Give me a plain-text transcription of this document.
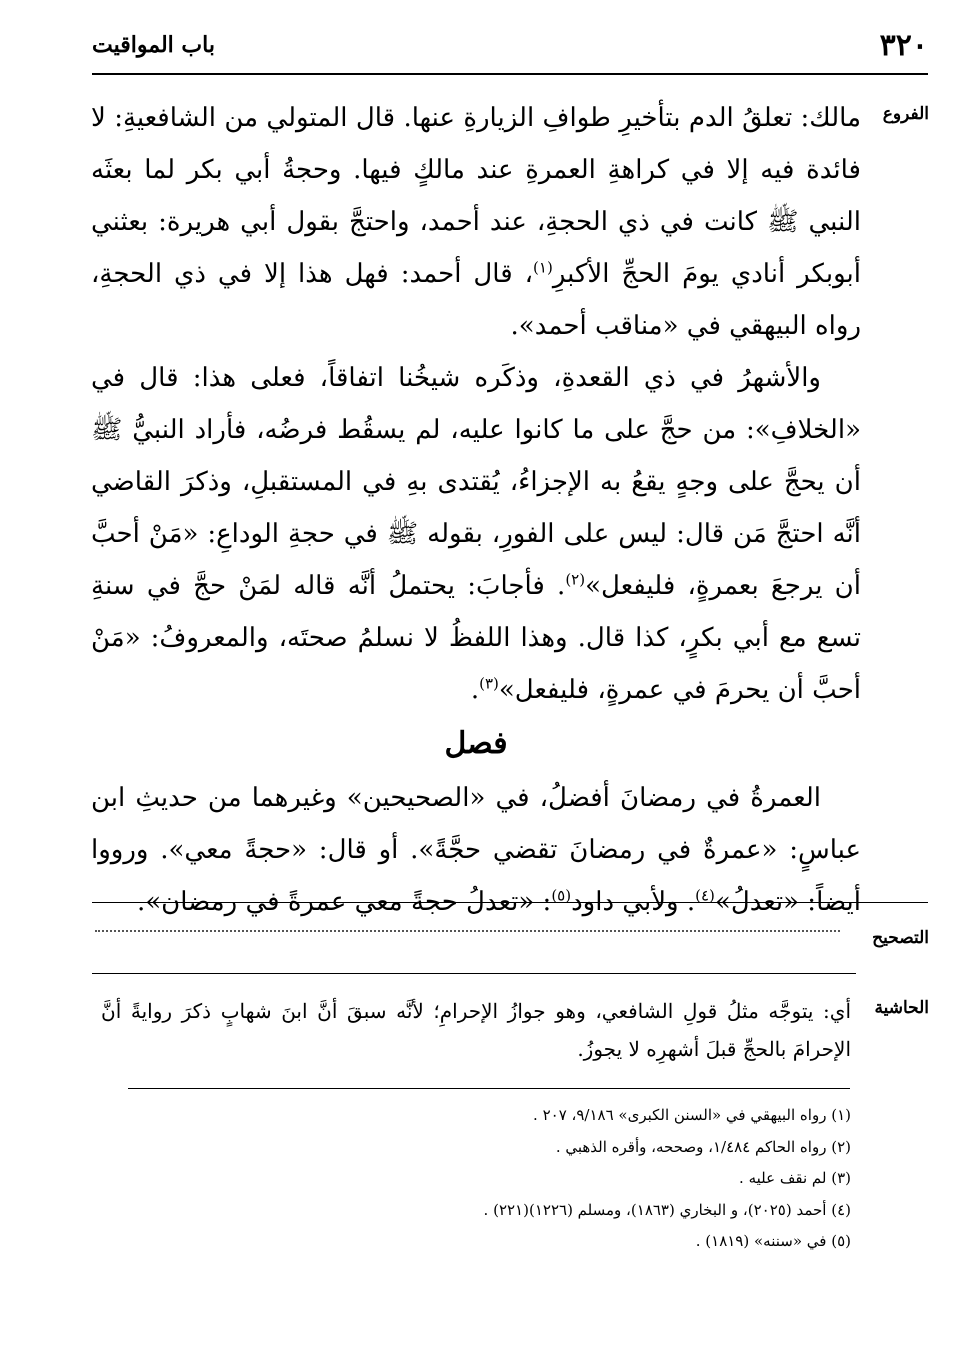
٣٢٠
باب المواقيت
الفروع

مالك: تعلقُ الدم بتأخيرِ طوافِ الزيارةِ عنها. قال المتولي من الشافعيةِ: لا فائدة فيه إلا في كراهةِ العمرةِ عند مالكٍ فيها. وحجةُ أبي بكر لما بعثَه النبي ﷺ كانت في ذي الحجةِ، عند أحمد، واحتجَّ بقول أبي هريرة: بعثني أبوبكر أنادي يومَ الحجِّ الأكبرِ$^{(١)}$، قال أحمد: فهل هذا إلا في ذي الحجةِ، رواه البيهقي في «مناقب أحمد».

والأشهرُ في ذي القعدةِ، وذكَره شيخُنا اتفاقاً، فعلى هذا: قال في «الخلافِ»: من حجَّ على ما كانوا عليه، لم يسقُط فرضُه، فأراد النبيُّ ﷺ أن يحجَّ على وجهٍ يقعُ به الإجزاءُ، يُقتدى بهِ في المستقبلِ، وذكرَ القاضي أنَّه احتجَّ مَن قال: ليس على الفورِ، بقوله ﷺ في حجةِ الوداعِ: «مَنْ أحبَّ أن يرجعَ بعمرةٍ، فليفعل»$^{(٢)}$. فأجابَ: يحتملُ أنَّه قاله لمَنْ حجَّ في سنةِ تسع مع أبي بكرٍ، كذا قال. وهذا اللفظُ لا نسلمُ صحتَه، والمعروفُ: «مَنْ أحبَّ أن يحرمَ في عمرةٍ، فليفعل»$^{(٣)}$.

فصل

العمرةُ في رمضانَ أفضلُ، في «الصحيحين» وغيرهما من حديثِ ابن عباسٍ: «عمرةٌ في رمضانَ تقضي حجَّةً». أو قال: «حجةً معي». ورووا أيضاً: «تعدلُ»$^{(٤)}$. ولأبي داود$^{(٥)}$: «تعدلُ حجةً معي عمرةً في رمضان».

التصحيح
الحاشية

أي: يتوجَّه مثلُ قولِ الشافعي، وهو جوازُ الإحرامِ؛ لأنَّه سبقَ أنَّ ابنَ شهابٍ ذكرَ روايةً أنَّ الإحرامَ بالحجِّ قبلَ أشهرِه لا يجوزُ.

(١) رواه البيهقي في «السنن الكبرى» ٩/١٨٦، ٢٠٧ .
(٢) رواه الحاكم ١/٤٨٤، وصححه، وأقره الذهبي .
(٣) لم نقف عليه .
(٤) أحمد (٢٠٢٥)، و البخاري (١٨٦٣)، ومسلم (١٢٢٦)(٢٢١) .
(٥) في «سننه» (١٨١٩) .
